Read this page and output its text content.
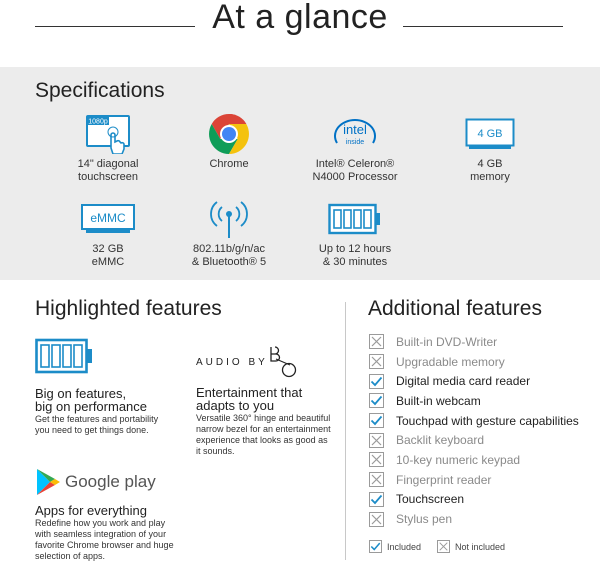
At a glance
Specifications
1080p
14" diagonal
touchscreen
Chrome
intel
inside
Intel® Celeron®
N4000 Processor
4 GB
4 GB
memory
eMMC
32 GB
eMMC
802.11b/g/n/ac
& Bluetooth® 5
Up to 12 hours
& 30 minutes
Highlighted features
Big on features,
big on performance
Get the features and portability
you need to get things done.
AUDIO BY
Entertainment that
adapts to you
Versatile 360° hinge and beautiful
narrow bezel for an entertainment
experience that looks as good as
it sounds.
Google play
Apps for everything
Redefine how you work and play
with seamless integration of your
favorite Chrome browser and huge
selection of apps.
Additional features
Built-in DVD-Writer
Upgradable memory
Digital media card reader
Built-in webcam
Touchpad with gesture capabilities
Backlit keyboard
10-key numeric keypad
Fingerprint reader
Touchscreen
Stylus pen
Included	Not included
